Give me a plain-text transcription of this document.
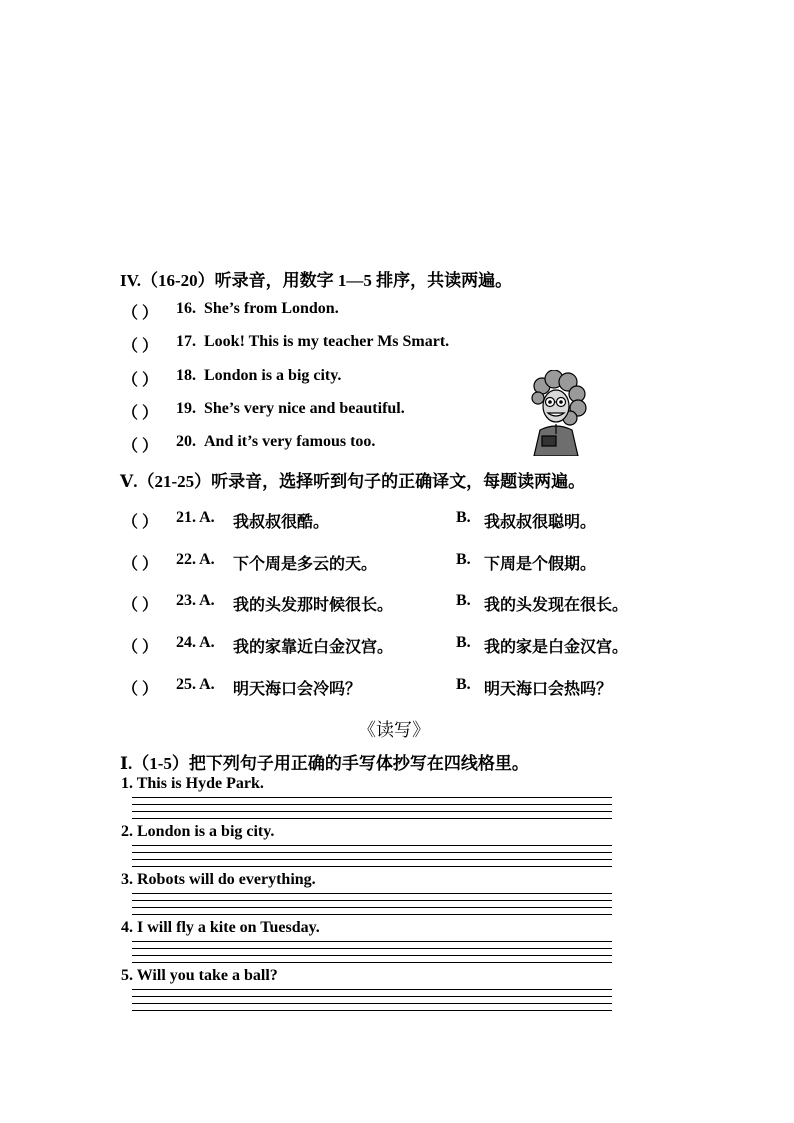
IV.（16-20）听录音，用数字 1—5 排序，共读两遍。
（ ） 16. She’s from London.
（ ） 17. Look! This is my teacher Ms Smart.
（ ） 18. London is a big city.
（ ） 19. She’s very nice and beautiful.
（ ） 20. And it’s very famous too.
Ⅴ.（21-25）听录音，选择听到句子的正确译文，每题读两遍。
（ ） 21. A. 我叔叔很酷。	B. 我叔叔很聪明。
（ ） 22. A. 下个周是多云的天。	B. 下周是个假期。
（ ） 23. A. 我的头发那时候很长。	B. 我的头发现在很长。
（ ） 24. A. 我的家靠近白金汉宫。	B. 我的家是白金汉宫。
（ ） 25. A. 明天海口会冷吗？	B. 明天海口会热吗？
《读写》
Ⅰ.（1-5）把下列句子用正确的手写体抄写在四线格里。
1. This is Hyde Park.
2. London is a big city.
3. Robots will do everything.
4. I will fly a kite on Tuesday.
5. Will you take a ball?
